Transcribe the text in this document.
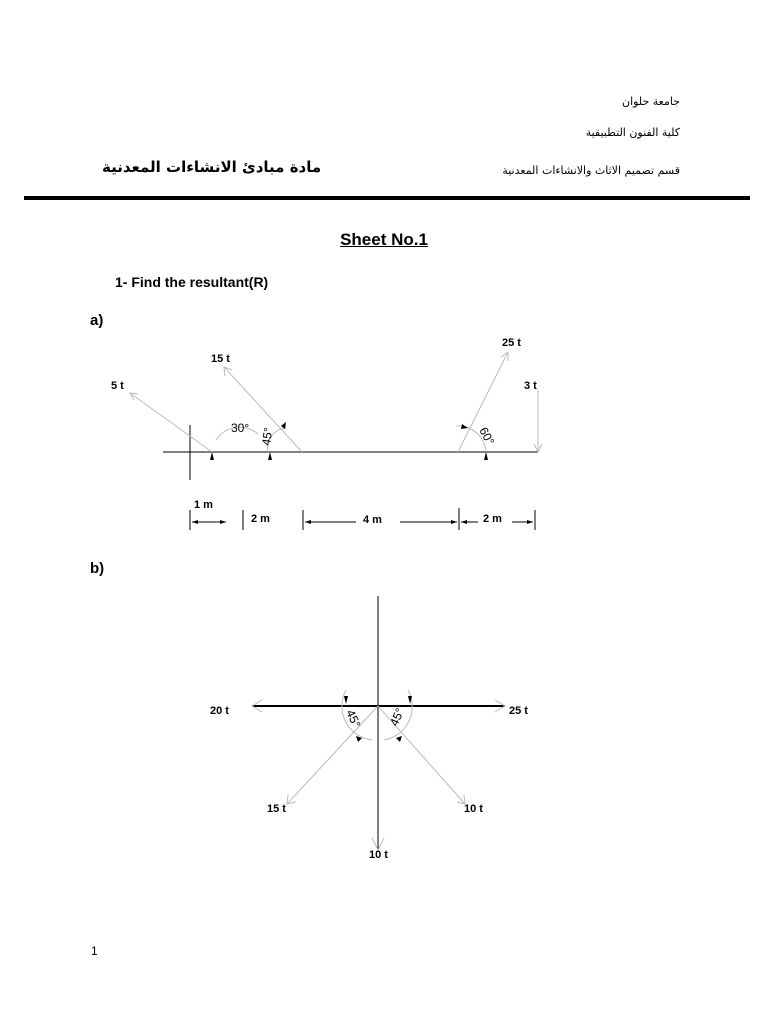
جامعة حلوان
كلية الفنون التطبيقية
قسم تصميم الاثاث والانشاءات المعدنية
مادة مبادئ الانشاءات المعدنية
Sheet No.1
1- Find the resultant(R)
a)
b)
5 t
15 t
25 t
3 t
30° 45°	60°
1 m
2 m	4 m	2 m
20 t	25 t
15 t	10 t
10 t
45° 45°
1
